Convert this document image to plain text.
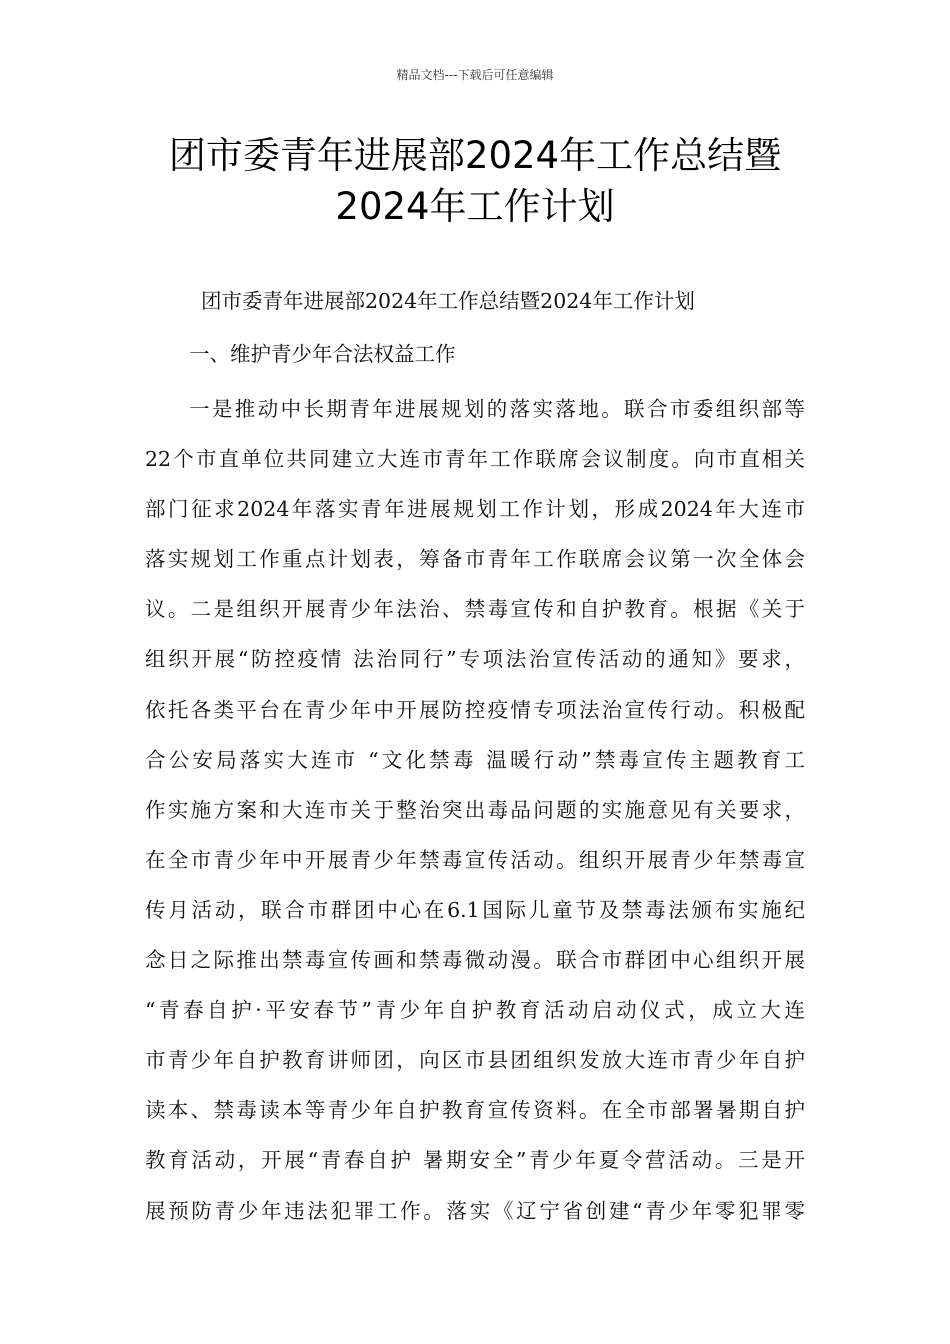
精品文档---下载后可任意编辑
团市委青年进展部2024年工作总结暨
2024年工作计划
团市委青年进展部2024年工作总结暨2024年工作计划
一、维护青少年合法权益工作
一是推动中长期青年进展规划的落实落地。联合市委组织部等
22个市直单位共同建立大连市青年工作联席会议制度。向市直相关
部门征求2024年落实青年进展规划工作计划，形成2024年大连市
落实规划工作重点计划表，筹备市青年工作联席会议第一次全体会
议。二是组织开展青少年法治、禁毒宣传和自护教育。根据《关于
组织开展“防控疫情 法治同行”专项法治宣传活动的通知》要求，
依托各类平台在青少年中开展防控疫情专项法治宣传行动。积极配
合公安局落实大连市 “文化禁毒 温暖行动”禁毒宣传主题教育工
作实施方案和大连市关于整治突出毒品问题的实施意见有关要求，
在全市青少年中开展青少年禁毒宣传活动。组织开展青少年禁毒宣
传月活动，联合市群团中心在6.1国际儿童节及禁毒法颁布实施纪
念日之际推出禁毒宣传画和禁毒微动漫。联合市群团中心组织开展
“青春自护·平安春节”青少年自护教育活动启动仪式，成立大连
市青少年自护教育讲师团，向区市县团组织发放大连市青少年自护
读本、禁毒读本等青少年自护教育宣传资料。在全市部署暑期自护
教育活动，开展“青春自护 暑期安全”青少年夏令营活动。三是开
展预防青少年违法犯罪工作。落实《辽宁省创建“青少年零犯罪零
